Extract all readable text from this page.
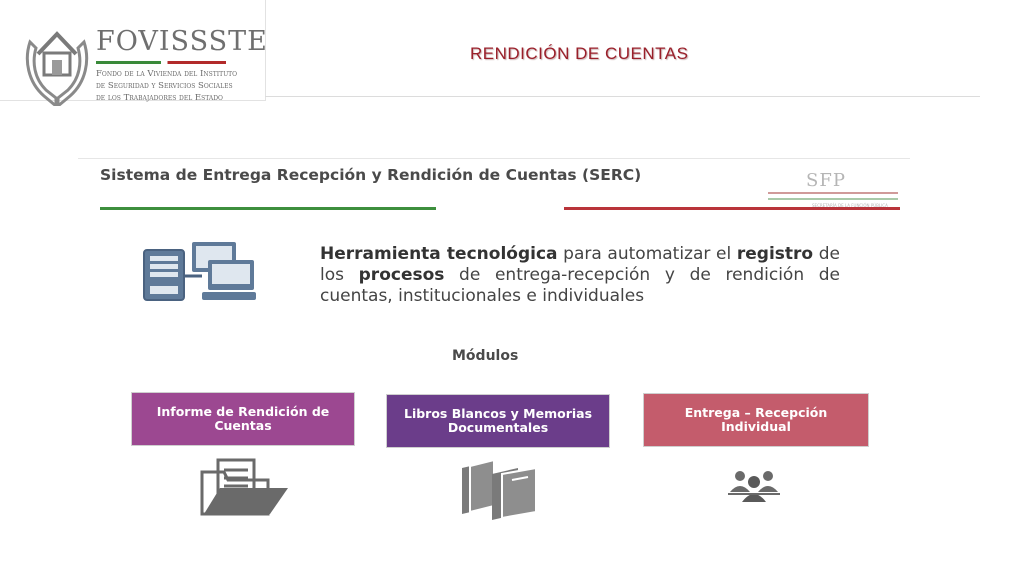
FOVISSSTE
Fondo de la Vivienda del Instituto
de Seguridad y Servicios Sociales
de los Trabajadores del Estado
RENDICIÓN DE CUENTAS
Sistema de Entrega Recepción y Rendición de Cuentas (SERC)	SFP
SECRETARÍA DE LA FUNCIÓN PÚBLICA
Herramienta tecnológica para automatizar el registro de los procesos de entrega-recepción y de rendición de cuentas, institucionales e individuales
Módulos
Informe de Rendición de Cuentas
Libros Blancos y Memorias Documentales
Entrega – Recepción Individual
